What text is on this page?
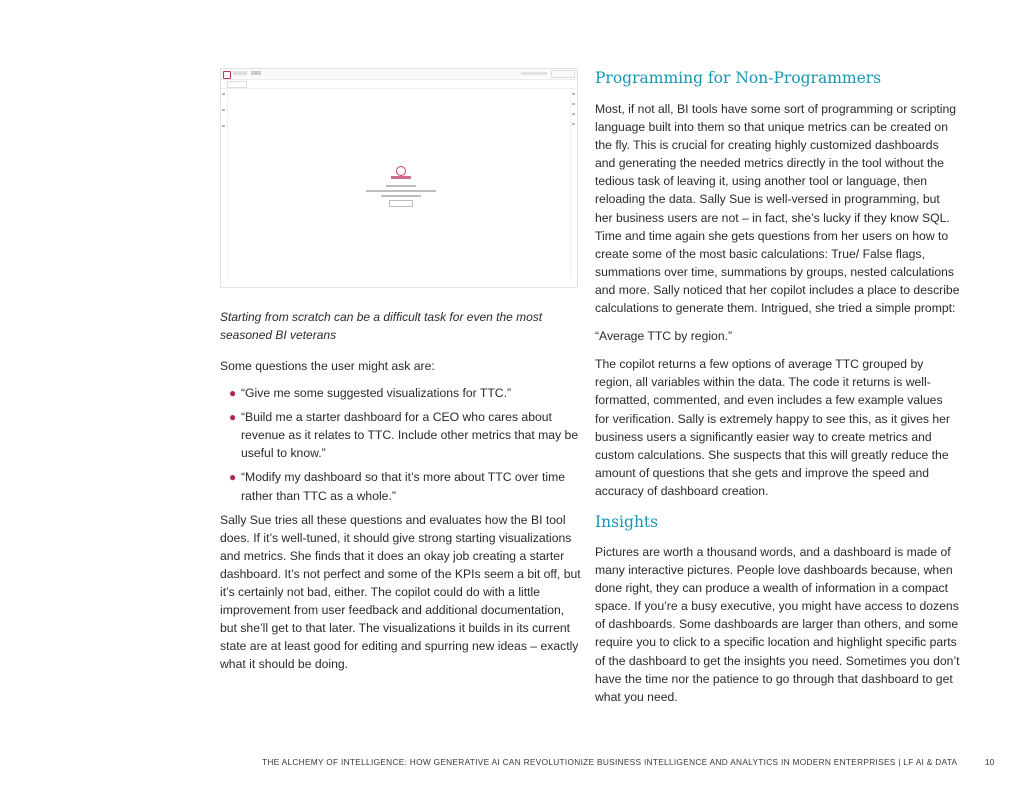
Starting from scratch can be a difficult task for even the most seasoned BI veterans

Some questions the user might ask are:

● “Give me some suggested visualizations for TTC.”
● “Build me a starter dashboard for a CEO who cares about revenue as it relates to TTC. Include other metrics that may be useful to know.”
● “Modify my dashboard so that it’s more about TTC over time rather than TTC as a whole.”

Sally Sue tries all these questions and evaluates how the BI tool does. If it’s well-tuned, it should give strong starting visualizations and metrics. She finds that it does an okay job creating a starter dashboard. It’s not perfect and some of the KPIs seem a bit off, but it’s certainly not bad, either. The copilot could do with a little improvement from user feedback and additional documentation, but she’ll get to that later. The visualizations it builds in its current state are at least good for editing and spurring new ideas – exactly what it should be doing.

Programming for Non-Programmers

Most, if not all, BI tools have some sort of programming or scripting language built into them so that unique metrics can be created on the fly. This is crucial for creating highly customized dashboards and generating the needed metrics directly in the tool without the tedious task of leaving it, using another tool or language, then reloading the data. Sally Sue is well-versed in programming, but her business users are not – in fact, she’s lucky if they know SQL. Time and time again she gets questions from her users on how to create some of the most basic calculations: True/ False flags, summations over time, summations by groups, nested calculations and more. Sally noticed that her copilot includes a place to describe calculations to generate them. Intrigued, she tried a simple prompt:

“Average TTC by region.”

The copilot returns a few options of average TTC grouped by region, all variables within the data. The code it returns is well-formatted, commented, and even includes a few example values for verification. Sally is extremely happy to see this, as it gives her business users a significantly easier way to create metrics and custom calculations. She suspects that this will greatly reduce the amount of questions that she gets and improve the speed and accuracy of dashboard creation.

Insights

Pictures are worth a thousand words, and a dashboard is made of many interactive pictures. People love dashboards because, when done right, they can produce a wealth of information in a compact space. If you’re a busy executive, you might have access to dozens of dashboards. Some dashboards are larger than others, and some require you to click to a specific location and highlight specific parts of the dashboard to get the insights you need. Sometimes you don’t have the time nor the patience to go through that dashboard to get what you need.

THE ALCHEMY OF INTELLIGENCE: HOW GENERATIVE AI CAN REVOLUTIONIZE BUSINESS INTELLIGENCE AND ANALYTICS IN MODERN ENTERPRISES | LF AI & DATA	10
